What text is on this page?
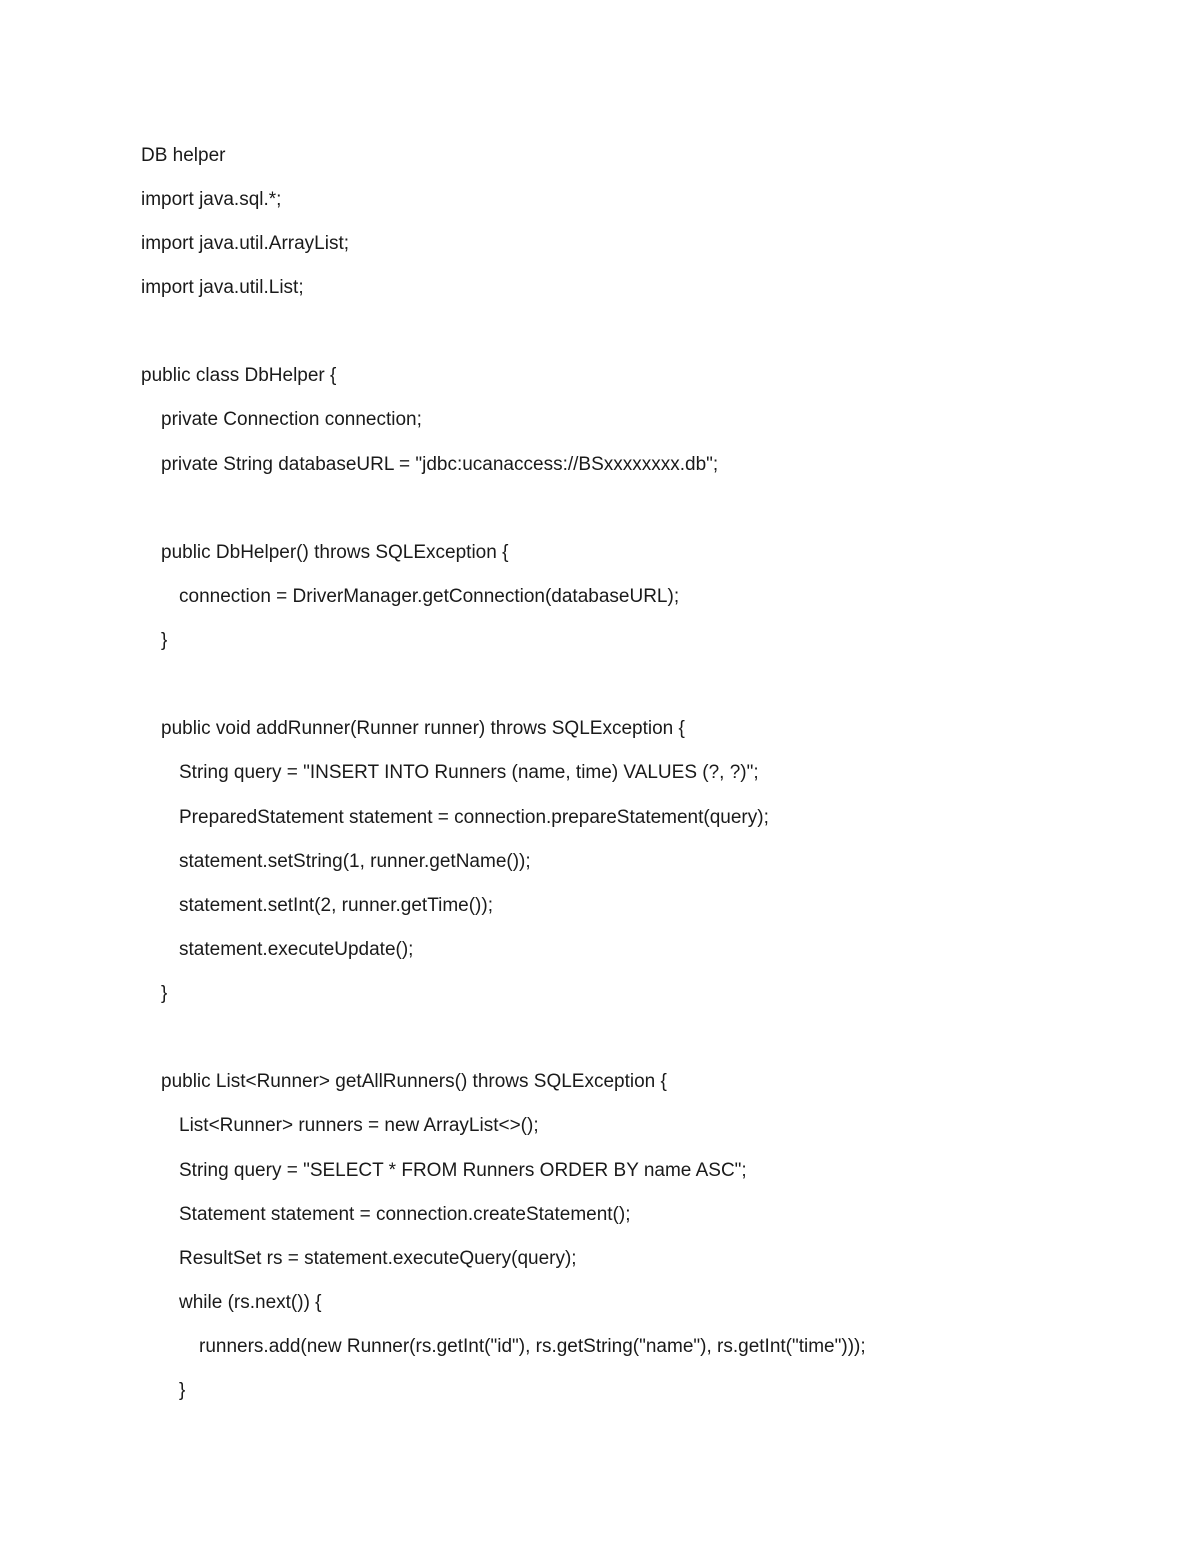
DB helper
import java.sql.*;
import java.util.ArrayList;
import java.util.List;
public class DbHelper {
private Connection connection;
private String databaseURL = "jdbc:ucanaccess://BSxxxxxxxx.db";
public DbHelper() throws SQLException {
connection = DriverManager.getConnection(databaseURL);
}
public void addRunner(Runner runner) throws SQLException {
String query = "INSERT INTO Runners (name, time) VALUES (?, ?)";
PreparedStatement statement = connection.prepareStatement(query);
statement.setString(1, runner.getName());
statement.setInt(2, runner.getTime());
statement.executeUpdate();
}
public List<Runner> getAllRunners() throws SQLException {
List<Runner> runners = new ArrayList<>();
String query = "SELECT * FROM Runners ORDER BY name ASC";
Statement statement = connection.createStatement();
ResultSet rs = statement.executeQuery(query);
while (rs.next()) {
runners.add(new Runner(rs.getInt("id"), rs.getString("name"), rs.getInt("time")));
}
